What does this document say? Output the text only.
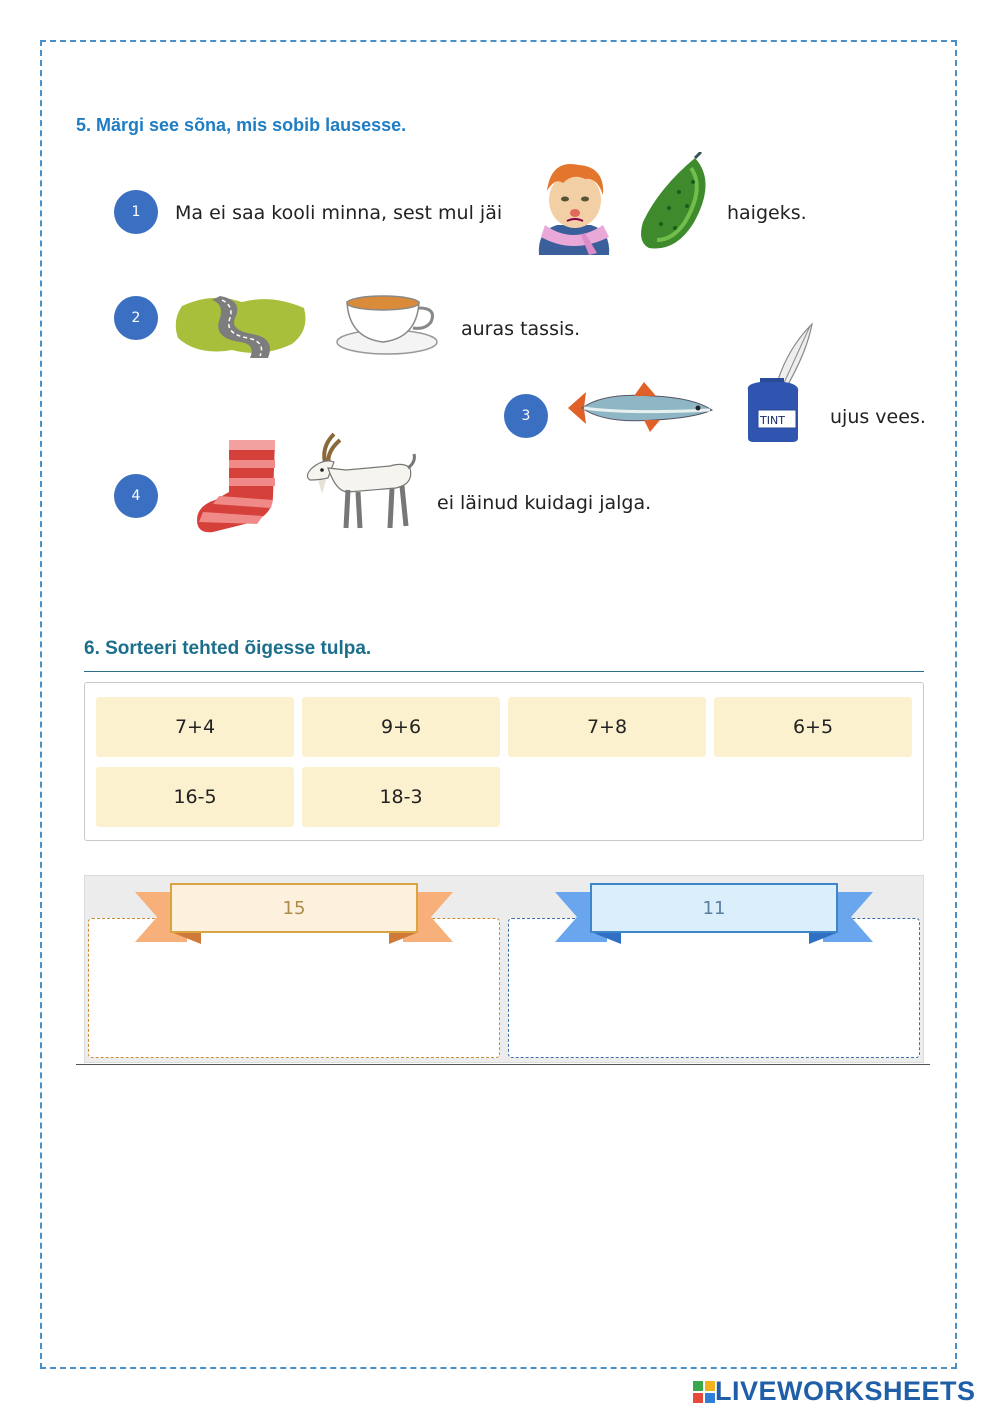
5. Märgi see sõna, mis sobib lausesse.
1	Ma ei saa kooli minna, sest mul jäi	haigeks.
2	auras tassis.
3	TINT ujus vees.
4	ei läinud kuidagi jalga.
6. Sorteeri tehted õigesse tulpa.
7+4	9+6	7+8	6+5
16-5	18-3
15	11
LIVEWORKSHEETS
